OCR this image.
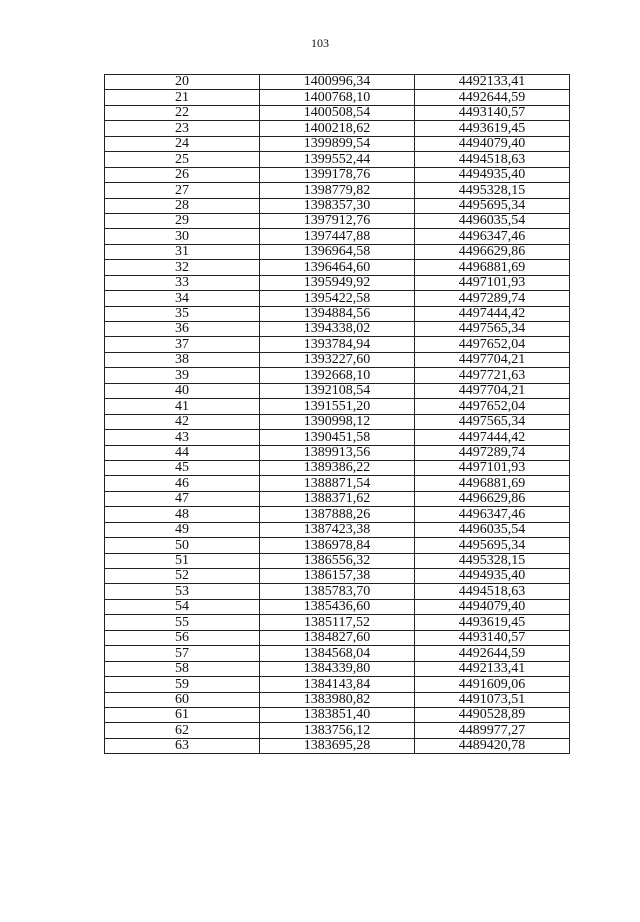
103
20	1400996,34	4492133,41
21	1400768,10	4492644,59
22	1400508,54	4493140,57
23	1400218,62	4493619,45
24	1399899,54	4494079,40
25	1399552,44	4494518,63
26	1399178,76	4494935,40
27	1398779,82	4495328,15
28	1398357,30	4495695,34
29	1397912,76	4496035,54
30	1397447,88	4496347,46
31	1396964,58	4496629,86
32	1396464,60	4496881,69
33	1395949,92	4497101,93
34	1395422,58	4497289,74
35	1394884,56	4497444,42
36	1394338,02	4497565,34
37	1393784,94	4497652,04
38	1393227,60	4497704,21
39	1392668,10	4497721,63
40	1392108,54	4497704,21
41	1391551,20	4497652,04
42	1390998,12	4497565,34
43	1390451,58	4497444,42
44	1389913,56	4497289,74
45	1389386,22	4497101,93
46	1388871,54	4496881,69
47	1388371,62	4496629,86
48	1387888,26	4496347,46
49	1387423,38	4496035,54
50	1386978,84	4495695,34
51	1386556,32	4495328,15
52	1386157,38	4494935,40
53	1385783,70	4494518,63
54	1385436,60	4494079,40
55	1385117,52	4493619,45
56	1384827,60	4493140,57
57	1384568,04	4492644,59
58	1384339,80	4492133,41
59	1384143,84	4491609,06
60	1383980,82	4491073,51
61	1383851,40	4490528,89
62	1383756,12	4489977,27
63	1383695,28	4489420,78
